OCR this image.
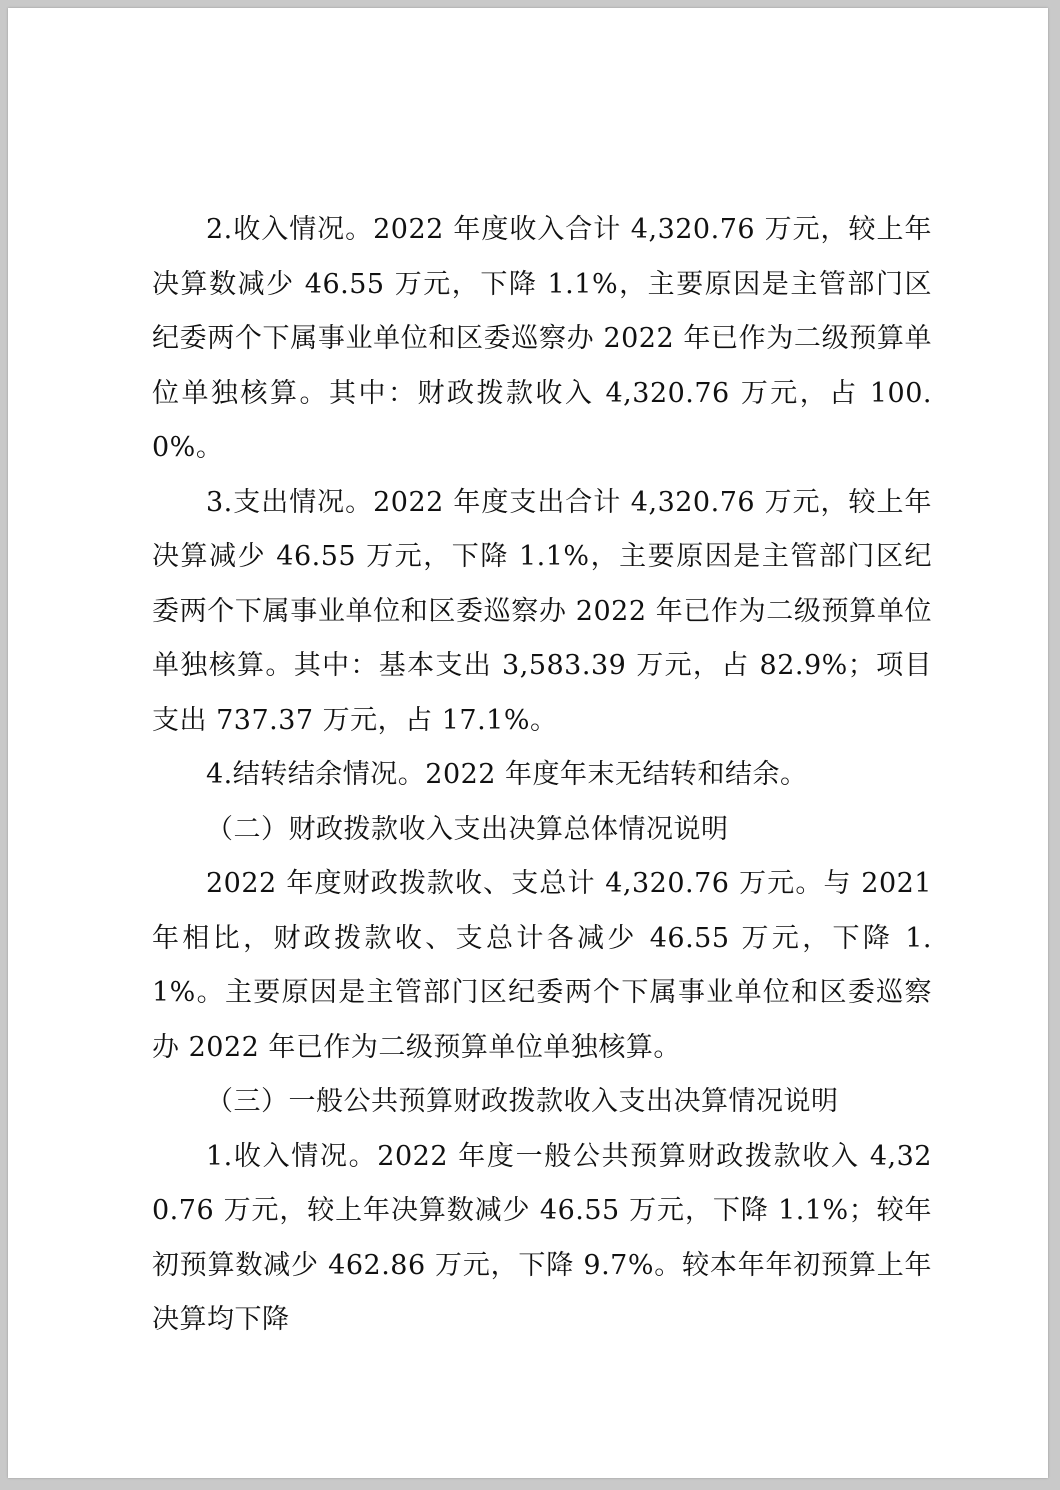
2.收入情况。2022 年度收入合计 4,320.76 万元，较上年决算数减少 46.55 万元，下降 1.1%，主要原因是主管部门区纪委两个下属事业单位和区委巡察办 2022 年已作为二级预算单位单独核算。其中：财政拨款收入 4,320.76 万元，占 100.0%。

3.支出情况。2022 年度支出合计 4,320.76 万元，较上年决算减少 46.55 万元，下降 1.1%，主要原因是主管部门区纪委两个下属事业单位和区委巡察办 2022 年已作为二级预算单位单独核算。其中：基本支出 3,583.39 万元，占 82.9%；项目支出 737.37 万元，占 17.1%。

4.结转结余情况。2022 年度年末无结转和结余。

（二）财政拨款收入支出决算总体情况说明

2022 年度财政拨款收、支总计 4,320.76 万元。与 2021 年相比，财政拨款收、支总计各减少 46.55 万元，下降 1.1%。主要原因是主管部门区纪委两个下属事业单位和区委巡察办 2022 年已作为二级预算单位单独核算。

（三）一般公共预算财政拨款收入支出决算情况说明

1.收入情况。2022 年度一般公共预算财政拨款收入 4,320.76 万元，较上年决算数减少 46.55 万元，下降 1.1%；较年初预算数减少 462.86 万元，下降 9.7%。较本年年初预算上年决算均下降
